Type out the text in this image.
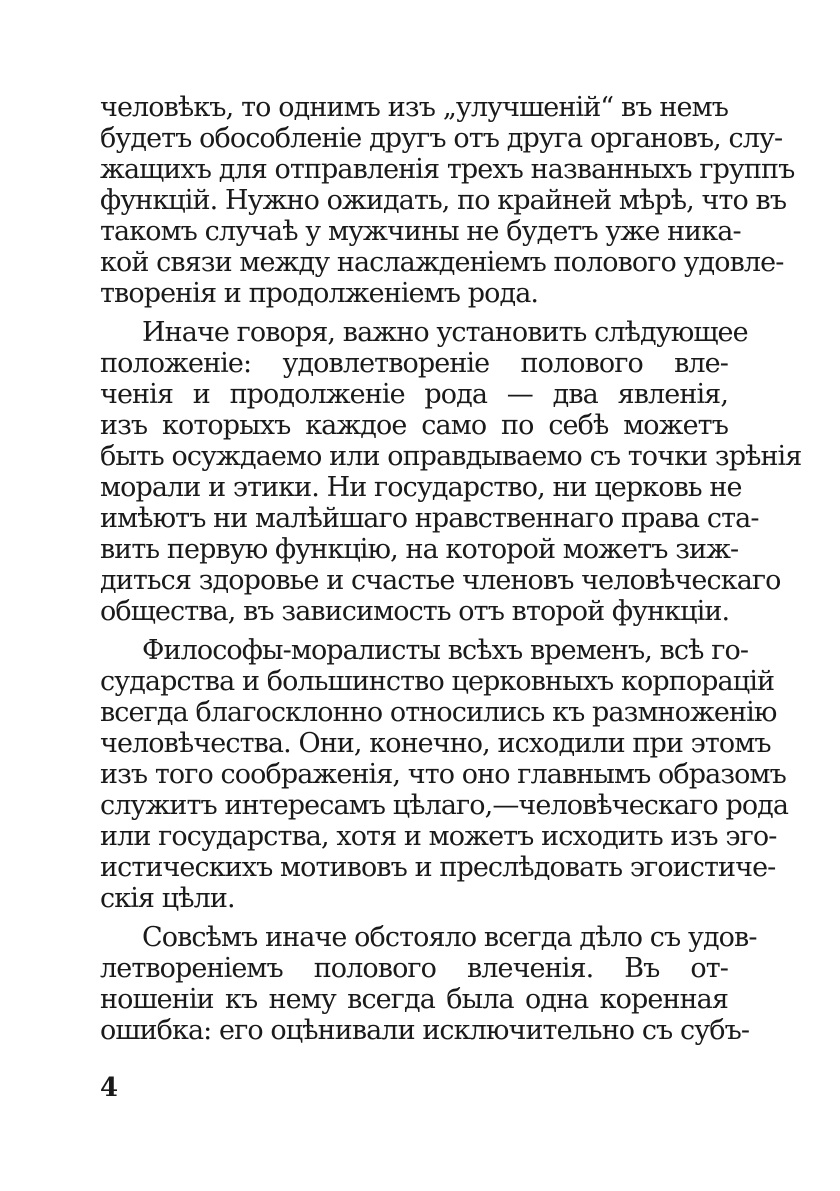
человѣкъ, то однимъ изъ „улучшеній“ въ немъ
будетъ обособленіе другъ отъ друга органовъ, слу-
жащихъ для отправленія трехъ названныхъ группъ
функцій. Нужно ожидать, по крайней мѣрѣ, что въ
такомъ случаѣ у мужчины не будетъ уже ника-
кой связи между наслажденіемъ полового удовле-
творенія и продолженіемъ рода.
Иначе говоря, важно установить слѣдующее
положеніе: удовлетвореніе полового вле-
ченія и продолженіе рода — два явленія,
изъ которыхъ каждое само по себѣ можетъ
быть осуждаемо или оправдываемо съ точки зрѣнія
морали и этики. Ни государство, ни церковь не
имѣютъ ни малѣйшаго нравственнаго права ста-
вить первую функцію, на которой можетъ зиж-
диться здоровье и счастье членовъ человѣческаго
общества, въ зависимость отъ второй функціи.
Философы-моралисты всѣхъ временъ, всѣ го-
сударства и большинство церковныхъ корпорацій
всегда благосклонно относились къ размноженію
человѣчества. Они, конечно, исходили при этомъ
изъ того соображенія, что оно главнымъ образомъ
служитъ интересамъ цѣлаго,—человѣческаго рода
или государства, хотя и можетъ исходить изъ эго-
истическихъ мотивовъ и преслѣдовать эгоистиче-
скія цѣли.
Совсѣмъ иначе обстояло всегда дѣло съ удов-
летвореніемъ полового влеченія. Въ от-
ношеніи къ нему всегда была одна коренная
ошибка: его оцѣнивали исключительно съ субъ-
4
